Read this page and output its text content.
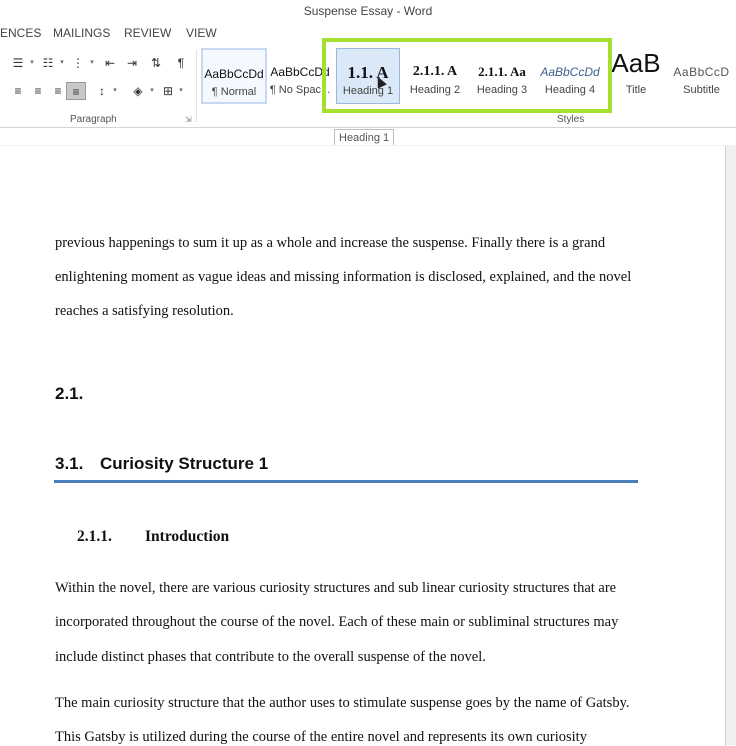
Suspense Essay - Word
ENCES MAILINGS REVIEW VIEW
☰ ▾ ☷ ▾ ⋮ ▾ ⇤ ⇥	⇅	¶
≡	≡	≡ ≡	↕	▾	◈	▾ ⊞ ▾
Paragraph	⇲	Styles
AaBbCcDd
¶ Normal
AaBbCcDd
¶ No Spac...
1.1. A
Heading 1
2.1.1. A
Heading 2
2.1.1. Aa
Heading 3
AaBbCcDd
Heading 4
AaB
Title
AaBbCcD
Subtitle
Heading 1
previous happenings to sum it up as a whole and increase the suspense. Finally there is a grand
enlightening moment as vague ideas and missing information is disclosed, explained, and the novel
reaches a satisfying resolution.
2.1.
3.1. Curiosity Structure 1
2.1.1. Introduction
Within the novel, there are various curiosity structures and sub linear curiosity structures that are
incorporated throughout the course of the novel. Each of these main or subliminal structures may
include distinct phases that contribute to the overall suspense of the novel.
The main curiosity structure that the author uses to stimulate suspense goes by the name of Gatsby.
This Gatsby is utilized during the course of the entire novel and represents its own curiosity
